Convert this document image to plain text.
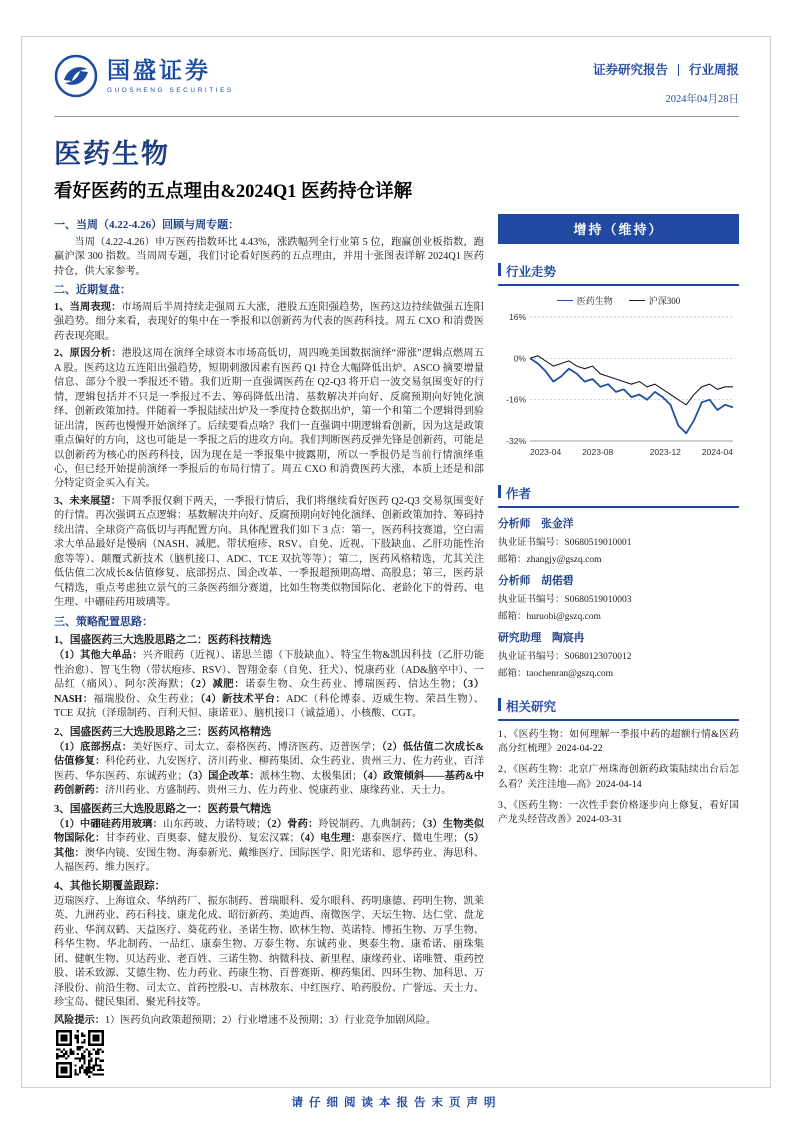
国盛证券
GUOSHENG SECURITIES
证券研究报告 行业周报
2024年04月28日
医药生物
看好医药的五点理由&2024Q1 医药持仓详解
一、当周（4.22-4.26）回顾与周专题：

当周（4.22-4.26）申万医药指数环比 4.43%，涨跌幅列全行业第 5 位，跑赢创业板指数，跑赢沪深 300 指数。当周周专题，我们讨论看好医药的五点理由，并用十张图表详解 2024Q1 医药持仓，供大家参考。

二、近期复盘：

1、当周表现：市场周后半周持续走强周五大涨，港股五连阳强趋势，医药这边持续做强五连阳强趋势。细分来看，表现好的集中在一季报和以创新药为代表的医药科技。周五 CXO 和消费医药表现亮眼。

2、原因分析：港股这周在演绎全球资本市场高低切，周四晚美国数据演绎“滞涨”逻辑点燃周五 A 股。医药这边五连阳出强趋势，短期刺激因素有医药 Q1 持仓大幅降低出炉、ASCO 摘要增量信息、部分个股一季报还不错。我们近期一直强调医药在 Q2-Q3 将开启一波交易氛围变好的行情，逻辑包括并不只是一季报过不去、筹码降低出清、基数解决并向好、反腐预期向好钝化演绎、创新政策加持。伴随着一季报陆续出炉及一季度持仓数据出炉，第一个和第二个逻辑得到验证出清，医药也慢慢开始演绎了。后续要看点啥？我们一直强调中期逻辑看创新，因为这是政策重点偏好的方向，这也可能是一季报之后的进攻方向。我们判断医药反弹先锋是创新药，可能是以创新药为核心的医药科技，因为现在是一季报集中披露期，所以一季报仍是当前行情演绎重心，但已经开始提前演绎一季报后的布局行情了。周五 CXO 和消费医药大涨，本质上还是和部分特定资金买入有关。

3、未来展望：下周季报仅剩下两天，一季报行情后，我们将继续看好医药 Q2-Q3 交易氛围变好的行情。再次强调五点逻辑：基数解决并向好、反腐预期向好钝化演绎、创新政策加持、筹码持续出清、全球资产高低切与再配置方向。具体配置我们如下 3 点：第一，医药科技赛道，空白需求大单品最好是慢病（NASH、减肥、带状疱疹、RSV、自免、近视、下肢缺血、乙肝功能性治愈等等）、颠覆式新技术（脑机接口、ADC、TCE 双抗等等）；第二，医药风格精选，尤其关注低估值二次成长&估值修复、底部拐点、国企改革、一季报超预期高增、高股息；第三，医药景气精选，重点考虑独立景气的三条医药细分赛道，比如生物类似物国际化、老龄化下的骨药、电生理、中硼硅药用玻璃等。

三、策略配置思路：
1、国盛医药三大选股思路之二：医药科技精选

（1）其他大单品：兴齐眼药（近视）、诺思兰德（下肢缺血）、特宝生物&凯因科技（乙肝功能性治愈）、智飞生物（带状疱疹、RSV）、智翔金泰（自免、狂犬）、悦康药业（AD&脑卒中）、一品红（痛风）、阿尔茨海默；（2）减肥：诺泰生物、众生药业、博瑞医药、信达生物；（3）NASH：福瑞股份、众生药业；（4）新技术平台：ADC（科伦博泰、迈威生物、荣昌生物）、TCE 双抗（泽璟制药、百利天恒、康诺亚）、脑机接口（诚益通）、小核酸、CGT。

2、国盛医药三大选股思路之三：医药风格精选

（1）底部拐点：美好医疗、司太立、泰格医药、博济医药、迈普医学；（2）低估值二次成长&估值修复：科伦药业、九安医疗、济川药业、柳药集团、众生药业、贵州三力、佐力药业、百洋医药、华东医药、东诚药业；（3）国企改革：派林生物、太极集团；（4）政策倾斜——基药&中药创新药：济川药业、方盛制药、贵州三力、佐力药业、悦康药业、康缘药业、天士力。

3、国盛医药三大选股思路之一：医药景气精选

（1）中硼硅药用玻璃：山东药玻、力诺特玻；（2）骨药：羚锐制药、九典制药；（3）生物类似物国际化：甘李药业、百奥泰、健友股份、复宏汉霖；（4）电生理：惠泰医疗、微电生理；（5）其他：澳华内镜、安图生物、海泰新光、戴维医疗、国际医学、阳光诺和、恩华药业、海思科、人福医药、维力医疗。

4、其他长期覆盖跟踪：

迈瑞医疗、上海谊众、华纳药厂、振东制药、普瑞眼科、爱尔眼科、药明康德、药明生物、凯莱英、九洲药业、药石科技、康龙化成、昭衍新药、美迪西、南微医学、天坛生物、达仁堂、盘龙药业、华润双鹤、天益医疗、葵花药业、圣诺生物、欧林生物、英诺特、博拓生物、万孚生物、科华生物、华北制药、一品红、康泰生物、万泰生物、东诚药业、奥泰生物、康希诺、丽珠集团、健帆生物、贝达药业、老百姓、三诺生物、纳微科技、新里程、康缘药业、诺唯赞、重药控股、诺禾致源、艾德生物、佐力药业、药康生物、百普赛斯、柳药集团、四环生物、加科思、万泽股份、前沿生物、司太立、首药控股-U、吉林敖东、中红医疗、哈药股份、广誉远、天士力、珍宝岛、健民集团、聚光科技等。

风险提示：1）医药负向政策超预期；2）行业增速不及预期；3）行业竞争加剧风险。

增持（维持）
行业走势
医药生物	沪深300
16%
0%
-16%
-32%
2023-04 2023-08	2023-12 2024-04
作者
分析师　张金洋
执业证书编号：S0680519010001
邮箱：zhangjy@gszq.com
分析师　胡偌碧
执业证书编号：S0680519010003
邮箱：huruobi@gszq.com
研究助理　陶宸冉
执业证书编号：S0680123070012
邮箱：taochenran@gszq.com
相关研究
1、《医药生物：如何理解一季报中药的超额行情&医药高分红梳理》2024-04-22
2、《医药生物：北京广州珠海创新药政策陆续出台后怎么看？关注洼地—高》2024-04-14
3、《医药生物：一次性手套价格逐步向上修复，看好国产龙头经营改善》2024-03-31
请仔细阅读本报告末页声明
